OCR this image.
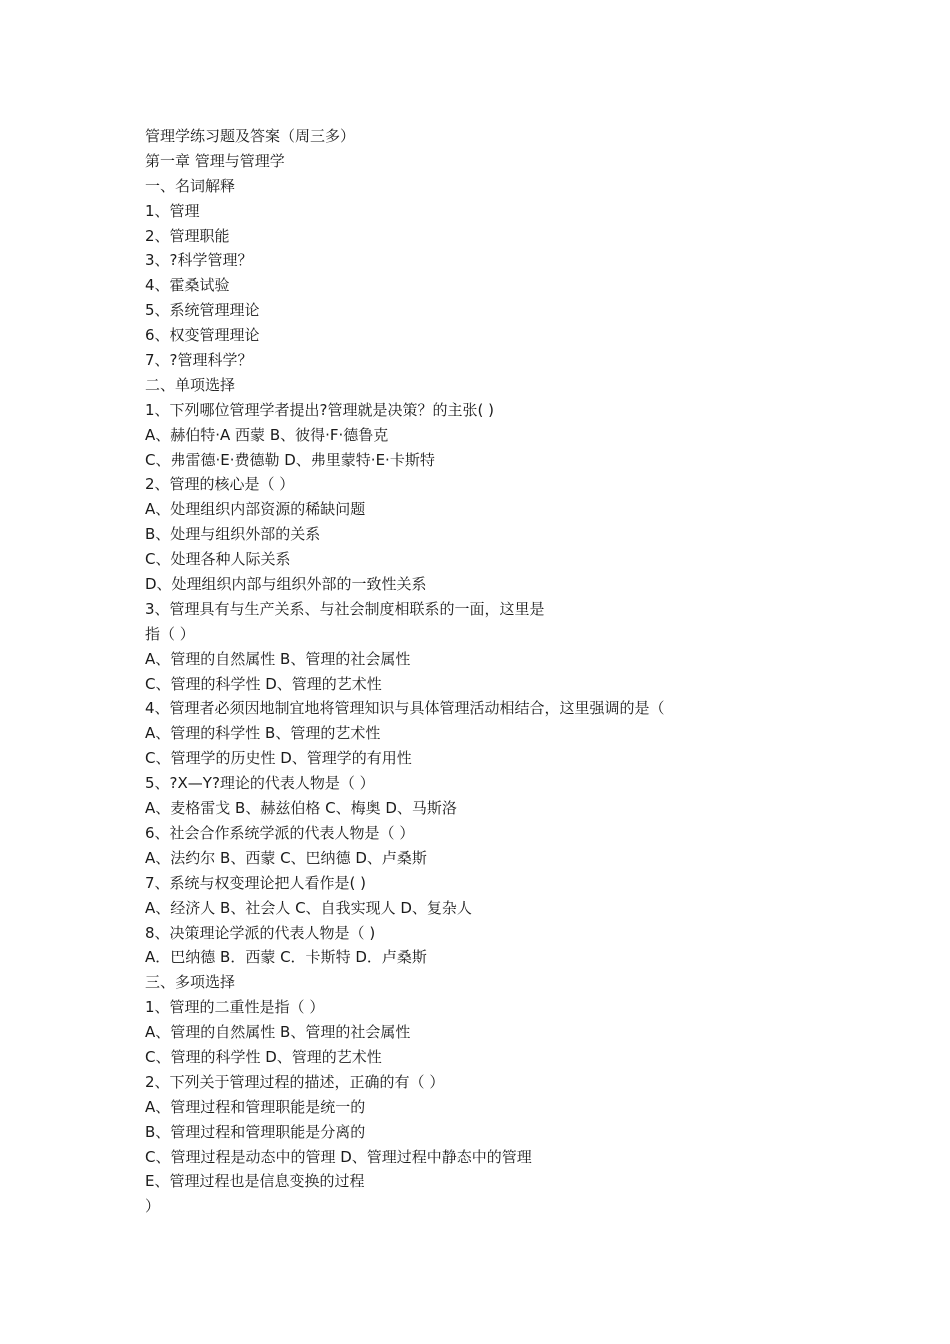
管理学练习题及答案（周三多）
第一章 管理与管理学
一、名词解释
1、管理
2、管理职能
3、?科学管理？
4、霍桑试验
5、系统管理理论
6、权变管理理论
7、?管理科学？
二、单项选择
1、下列哪位管理学者提出?管理就是决策？的主张( )
A、赫伯特·A 西蒙 B、彼得·F·德鲁克
C、弗雷德·E·费德勒 D、弗里蒙特·E·卡斯特
2、管理的核心是（ ）
A、处理组织内部资源的稀缺问题
B、处理与组织外部的关系
C、处理各种人际关系
D、处理组织内部与组织外部的一致性关系
3、管理具有与生产关系、与社会制度相联系的一面，这里是
指（ ）
A、管理的自然属性 B、管理的社会属性
C、管理的科学性 D、管理的艺术性
4、管理者必须因地制宜地将管理知识与具体管理活动相结合，这里强调的是（
A、管理的科学性 B、管理的艺术性
C、管理学的历史性 D、管理学的有用性
5、?X—Y?理论的代表人物是（ ）
A、麦格雷戈 B、赫兹伯格 C、梅奥 D、马斯洛
6、社会合作系统学派的代表人物是（ ）
A、法约尔 B、西蒙 C、巴纳德 D、卢桑斯
7、系统与权变理论把人看作是( )
A、经济人 B、社会人 C、自我实现人 D、复杂人
8、决策理论学派的代表人物是（ )
A．巴纳德 B．西蒙 C．卡斯特 D．卢桑斯
三、多项选择
1、管理的二重性是指（ ）
A、管理的自然属性 B、管理的社会属性
C、管理的科学性 D、管理的艺术性
2、下列关于管理过程的描述，正确的有（ ）
A、管理过程和管理职能是统一的
B、管理过程和管理职能是分离的
C、管理过程是动态中的管理 D、管理过程中静态中的管理
E、管理过程也是信息变换的过程
）
